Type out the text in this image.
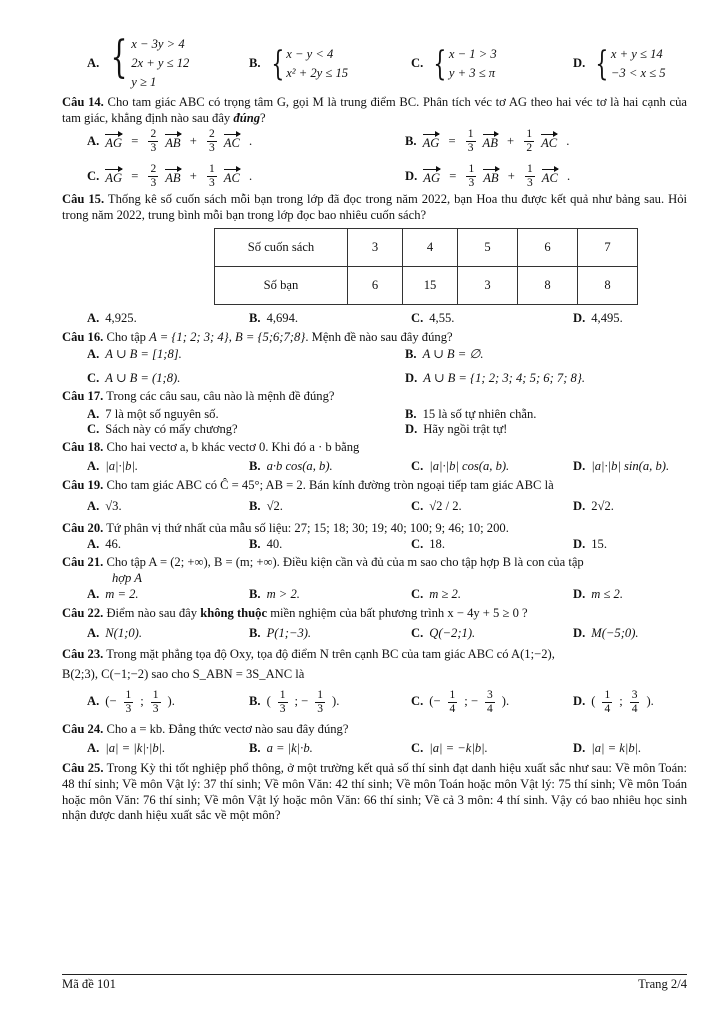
A. { x − 3y > 4
2x + y ≤ 12
y ≥ 1
B. { x − y < 4
x² + 2y ≤ 15
C. { x − 1 > 3
y + 3 ≤ π
D. { x + y ≤ 14
−3 < x ≤ 5
Câu 14. Cho tam giác ABC có trọng tâm G, gọi M là trung điểm BC. Phân tích véc tơ AG theo hai véc tơ là hai cạnh của tam giác, khẳng định nào sau đây đúng?
A. AG = $\frac{2}{3}$ AB + $\frac{2}{3}$ AC .	B. AG = $\frac{1}{3}$ AB + $\frac{1}{2}$ AC .
C. AG = $\frac{2}{3}$ AB + $\frac{1}{3}$ AC .	D. AG = $\frac{1}{3}$ AB + $\frac{1}{3}$ AC .
Câu 15. Thống kê số cuốn sách mỗi bạn trong lớp đã đọc trong năm 2022, bạn Hoa thu được kết quả như bảng sau. Hỏi trong năm 2022, trung bình mỗi bạn trong lớp đọc bao nhiêu cuốn sách?
Số cuốn sách	3	4	5	6	7
Số bạn	6	15	3	8	8
A. 4,925.	B. 4,694.	C. 4,55.	D. 4,495.
Câu 16. Cho tập A = {1; 2; 3; 4}, B = {5;6;7;8}. Mệnh đề nào sau đây đúng?
A. A ∪ B = [1;8].	B. A ∪ B = ∅.
C. A ∪ B = (1;8).	D. A ∪ B = {1; 2; 3; 4; 5; 6; 7; 8}.
Câu 17. Trong các câu sau, câu nào là mệnh đề đúng?
A. 7 là một số nguyên số.	B. 15 là số tự nhiên chẵn.
C. Sách này có mấy chương?	D. Hãy ngồi trật tự!
Câu 18. Cho hai vectơ a, b khác vectơ 0. Khi đó a · b bằng
A. |a|·|b|.	B. a·b cos(a, b).	C. |a|·|b| cos(a, b).	D. |a|·|b| sin(a, b).
Câu 19. Cho tam giác ABC có Ĉ = 45°; AB = 2. Bán kính đường tròn ngoại tiếp tam giác ABC là
A. √3.	B. √2.	C. √2 / 2.	D. 2√2.
Câu 20. Tứ phân vị thứ nhất của mẫu số liệu: 27; 15; 18; 30; 19; 40; 100; 9; 46; 10; 200.
A. 46.	B. 40.	C. 18.	D. 15.
Câu 21. Cho tập A = (2; +∞), B = (m; +∞). Điều kiện cần và đủ của m sao cho tập hợp B là con của tập
hợp A
A. m = 2.	B. m > 2.	C. m ≥ 2.	D. m ≤ 2.
Câu 22. Điểm nào sau đây không thuộc miền nghiệm của bất phương trình x − 4y + 5 ≥ 0 ?
A. N(1;0).	B. P(1;−3).	C. Q(−2;1).	D. M(−5;0).
Câu 23. Trong mặt phẳng tọa độ Oxy, tọa độ điểm N trên cạnh BC của tam giác ABC có A(1;−2),
B(2;3), C(−1;−2) sao cho S_ABN = 3S_ANC là
A. (− $\frac{1}{3}$ ; $\frac{1}{3}$ ).	B. ( $\frac{1}{3}$ ; − $\frac{1}{3}$ ).	C. (− $\frac{1}{4}$ ; − $\frac{3}{4}$ ).	D. ( $\frac{1}{4}$ ; $\frac{3}{4}$ ).
Câu 24. Cho a = kb. Đẳng thức vectơ nào sau đây đúng?
A. |a| = |k|·|b|.	B. a = |k|·b.	C. |a| = −k|b|.	D. |a| = k|b|.
Câu 25. Trong Kỳ thi tốt nghiệp phổ thông, ở một trường kết quả số thí sinh đạt danh hiệu xuất sắc như sau: Về môn Toán: 48 thí sinh; Về môn Vật lý: 37 thí sinh; Về môn Văn: 42 thí sinh; Về môn Toán hoặc môn Vật lý: 75 thí sinh; Về môn Toán hoặc môn Văn: 76 thí sinh; Về môn Vật lý hoặc môn Văn: 66 thí sinh; Về cả 3 môn: 4 thí sinh. Vậy có bao nhiêu học sinh nhận được danh hiệu xuất sắc về một môn?
Mã đề 101	Trang 2/4
